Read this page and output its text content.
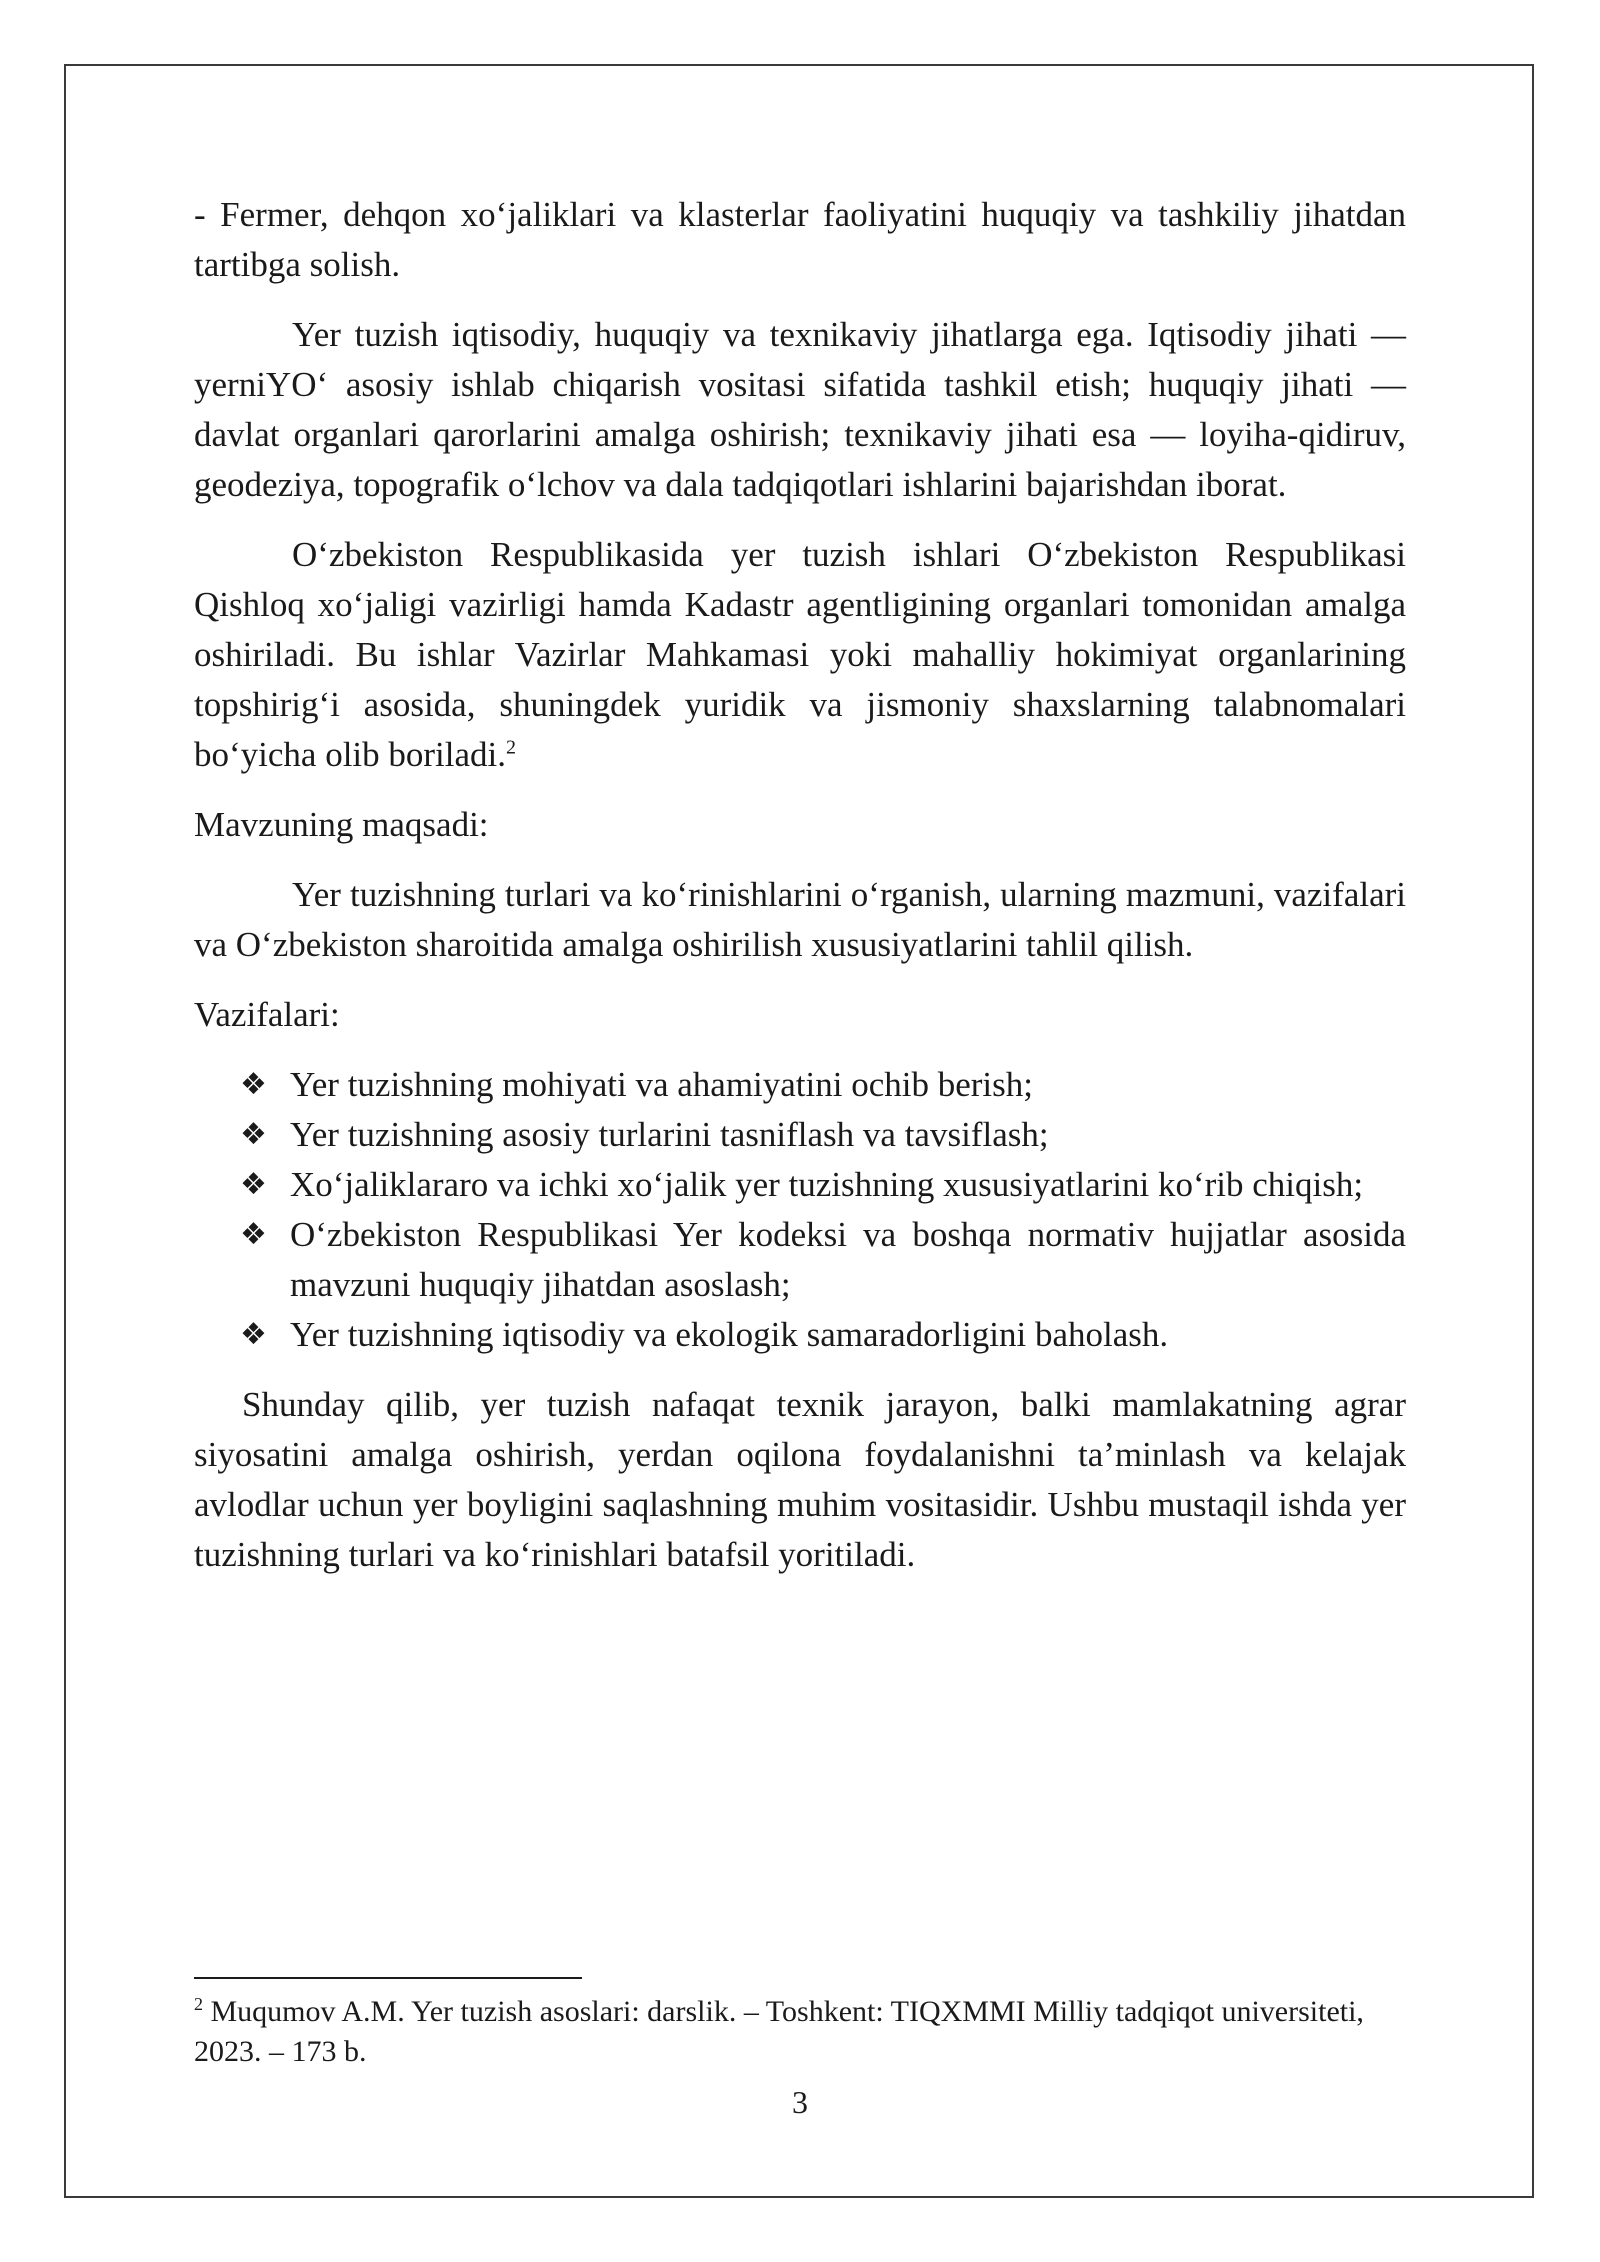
- Fermer, dehqon xo‘jaliklari va klasterlar faoliyatini huquqiy va tashkiliy jihatdan tartibga solish.

Yer tuzish iqtisodiy, huquqiy va texnikaviy jihatlarga ega. Iqtisodiy jihati — yerniYO‘ asosiy ishlab chiqarish vositasi sifatida tashkil etish; huquqiy jihati — davlat organlari qarorlarini amalga oshirish; texnikaviy jihati esa — loyiha-qidiruv, geodeziya, topografik o‘lchov va dala tadqiqotlari ishlarini bajarishdan iborat.

O‘zbekiston Respublikasida yer tuzish ishlari O‘zbekiston Respublikasi Qishloq xo‘jaligi vazirligi hamda Kadastr agentligining organlari tomonidan amalga oshiriladi. Bu ishlar Vazirlar Mahkamasi yoki mahalliy hokimiyat organlarining topshirig‘i asosida, shuningdek yuridik va jismoniy shaxslarning talabnomalari bo‘yicha olib boriladi.$^2$

Mavzuning maqsadi:

Yer tuzishning turlari va ko‘rinishlarini o‘rganish, ularning mazmuni, vazifalari va O‘zbekiston sharoitida amalga oshirilish xususiyatlarini tahlil qilish.

Vazifalari:

❖ Yer tuzishning mohiyati va ahamiyatini ochib berish;
❖ Yer tuzishning asosiy turlarini tasniflash va tavsiflash;
❖ Xo‘jaliklararo va ichki xo‘jalik yer tuzishning xususiyatlarini ko‘rib chiqish;
❖ O‘zbekiston Respublikasi Yer kodeksi va boshqa normativ hujjatlar asosida mavzuni huquqiy jihatdan asoslash;
❖ Yer tuzishning iqtisodiy va ekologik samaradorligini baholash.

Shunday qilib, yer tuzish nafaqat texnik jarayon, balki mamlakatning agrar siyosatini amalga oshirish, yerdan oqilona foydalanishni ta’minlash va kelajak avlodlar uchun yer boyligini saqlashning muhim vositasidir. Ushbu mustaqil ishda yer tuzishning turlari va ko‘rinishlari batafsil yoritiladi.

$^2$ Muqumov A.M. Yer tuzish asoslari: darslik. – Toshkent: TIQXMMI Milliy tadqiqot universiteti, 2023. – 173 b.
3
